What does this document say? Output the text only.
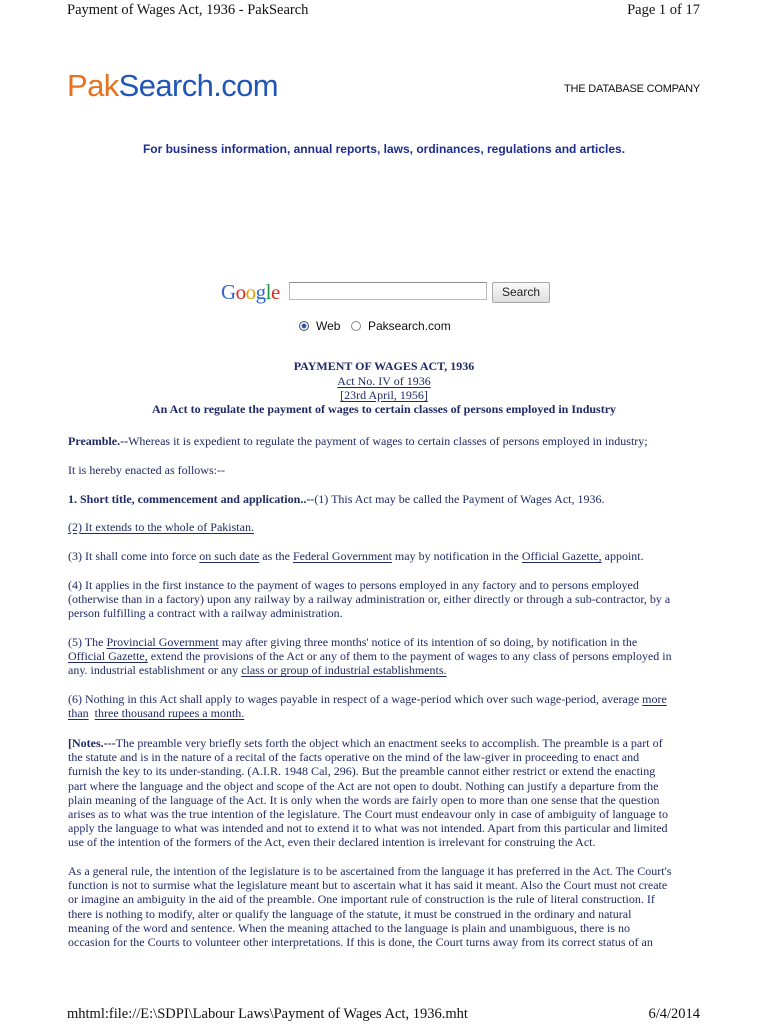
Payment of Wages Act, 1936 - PakSearch	Page 1 of 17
PakSearch.com	THE DATABASE COMPANY
For business information, annual reports, laws, ordinances, regulations and articles.
Google	Search
Web Paksearch.com
PAYMENT OF WAGES ACT, 1936
Act No. IV of 1936
[23rd April, 1956]
An Act to regulate the payment of wages to certain classes of persons employed in Industry
Preamble.--Whereas it is expedient to regulate the payment of wages to certain classes of persons employed in industry;
It is hereby enacted as follows:--
1. Short title, commencement and application..--(1) This Act may be called the Payment of Wages Act, 1936.
(2) It extends to the whole of Pakistan.
(3) It shall come into force on such date as the Federal Government may by notification in the Official Gazette, appoint.

(4) It applies in the first instance to the payment of wages to persons employed in any factory and to persons employed

(otherwise than in a factory) upon any railway by a railway administration or, either directly or through a sub-contractor, by a

person fulfilling a contract with a railway administration.

(5) The Provincial Government may after giving three months' notice of its intention of so doing, by notification in the

Official Gazette, extend the provisions of the Act or any of them to the payment of wages to any class of persons employed in

any. industrial establishment or any class or group of industrial establishments.

(6) Nothing in this Act shall apply to wages payable in respect of a wage-period which over such wage-period, average more

than three thousand rupees a month.

[Notes.---The preamble very briefly sets forth the object which an enactment seeks to accomplish. The preamble is a part of

the statute and is in the nature of a recital of the facts operative on the mind of the law-giver in proceeding to enact and

furnish the key to its under-standing. (A.I.R. 1948 Cal, 296). But the preamble cannot either restrict or extend the enacting

part where the language and the object and scope of the Act are not open to doubt. Nothing can justify a departure from the

plain meaning of the language of the Act. It is only when the words are fairly open to more than one sense that the question

arises as to what was the true intention of the legislature. The Court must endeavour only in case of ambiguity of language to

apply the language to what was intended and not to extend it to what was not intended. Apart from this particular and limited

use of the intention of the formers of the Act, even their declared intention is irrelevant for construing the Act.

As a general rule, the intention of the legislature is to be ascertained from the language it has preferred in the Act. The Court's

function is not to surmise what the legislature meant but to ascertain what it has said it meant. Also the Court must not create

or imagine an ambiguity in the aid of the preamble. One important rule of construction is the rule of literal construction. If

there is nothing to modify, alter or qualify the language of the statute, it must be construed in the ordinary and natural

meaning of the word and sentence. When the meaning attached to the language is plain and unambiguous, there is no

occasion for the Courts to volunteer other interpretations. If this is done, the Court turns away from its correct status of an

mhtml:file://E:\SDPI\Labour Laws\Payment of Wages Act, 1936.mht	6/4/2014
